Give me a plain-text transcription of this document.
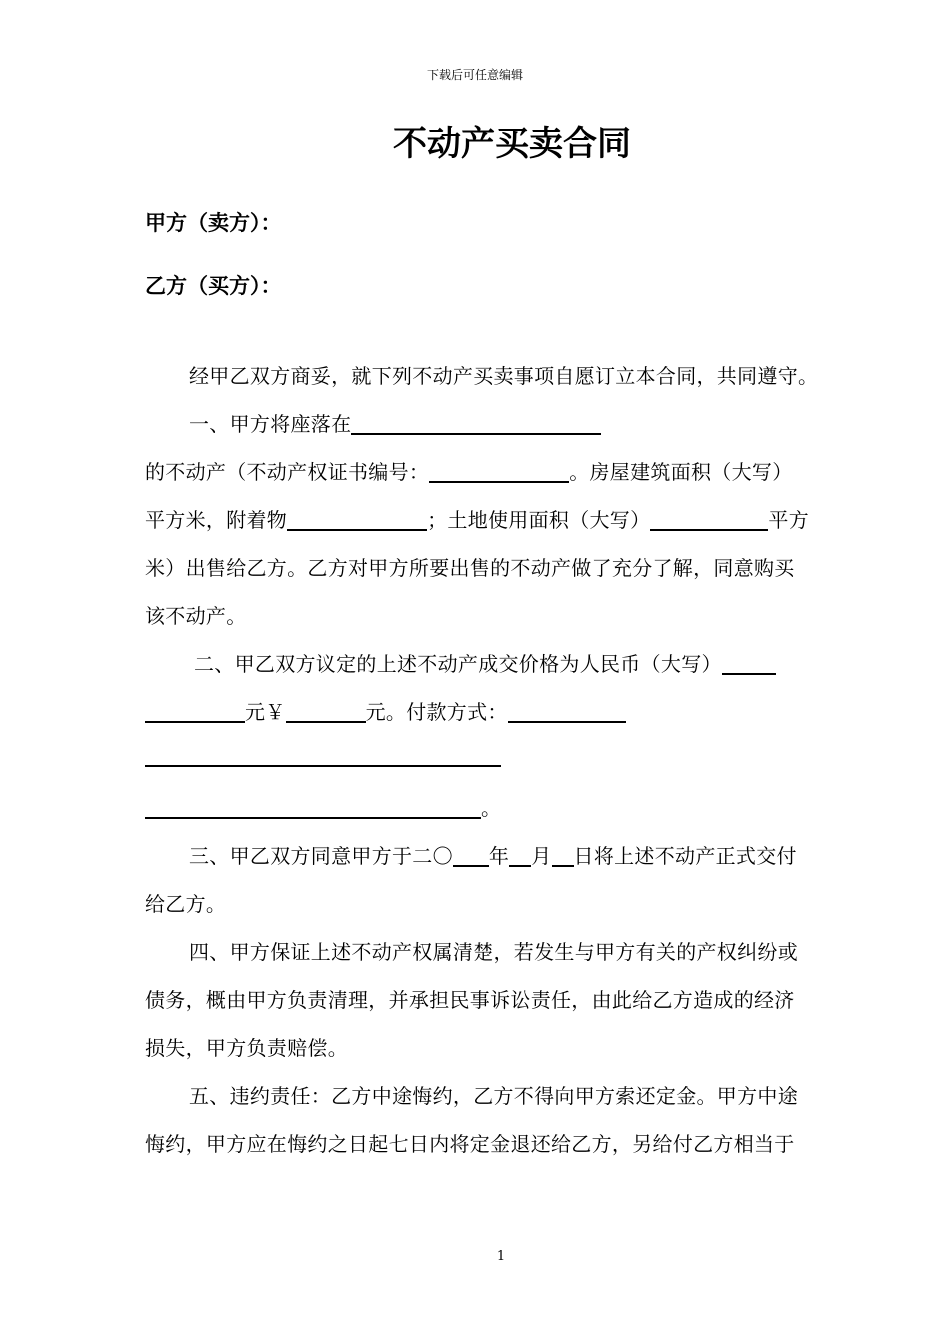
下载后可任意编辑
不动产买卖合同
甲方（卖方）：
乙方（买方）：
经甲乙双方商妥，就下列不动产买卖事项自愿订立本合同，共同遵守。
一、甲方将座落在
的不动产（不动产权证书编号：	。房屋建筑面积（大写）
平方米，附着物	；土地使用面积（大写）	平方
米）出售给乙方。乙方对甲方所要出售的不动产做了充分了解，同意购买
该不动产。
二、甲乙双方议定的上述不动产成交价格为人民币（大写）
元￥	元。付款方式：
。
三、甲乙双方同意甲方于二〇 年 月 日将上述不动产正式交付
给乙方。
四、甲方保证上述不动产权属清楚，若发生与甲方有关的产权纠纷或
债务，概由甲方负责清理，并承担民事诉讼责任，由此给乙方造成的经济
损失，甲方负责赔偿。
五、违约责任：乙方中途悔约，乙方不得向甲方索还定金。甲方中途
悔约，甲方应在悔约之日起七日内将定金退还给乙方，另给付乙方相当于
1
